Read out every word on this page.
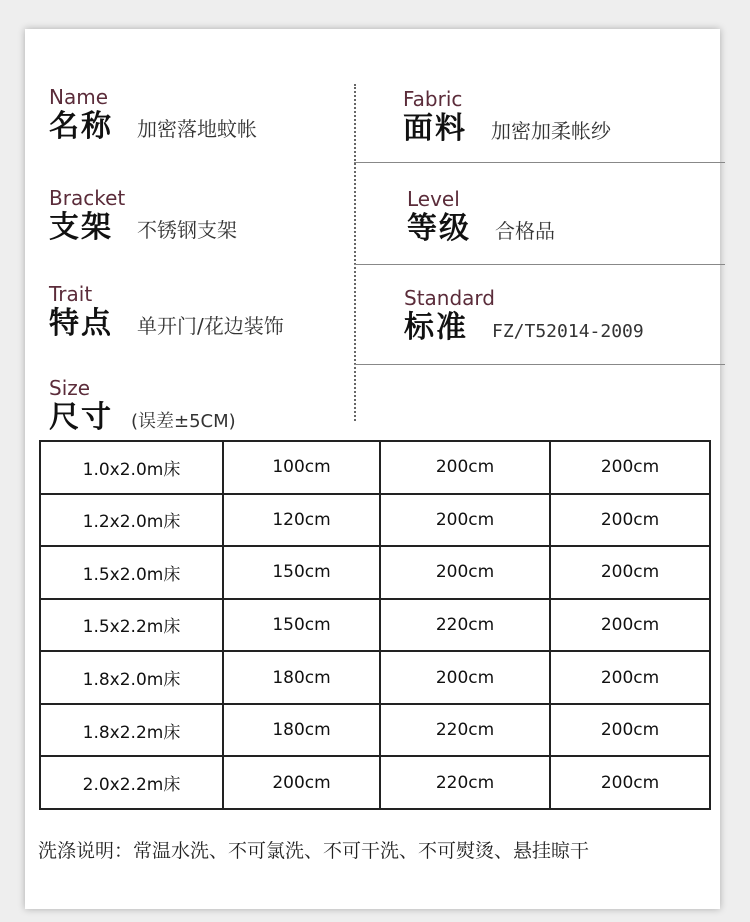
Name
名称 加密落地蚊帐
Fabric
面料 加密加柔帐纱
Bracket
支架 不锈钢支架
Level
等级 合格品
Trait
特点 单开门/花边装饰
Standard
标准 FZ/T52014-2009
Size
尺寸 (误差±5CM)
1.0x2.0m床	100cm	200cm	200cm
1.2x2.0m床	120cm	200cm	200cm
1.5x2.0m床	150cm	200cm	200cm
1.5x2.2m床	150cm	220cm	200cm
1.8x2.0m床	180cm	200cm	200cm
1.8x2.2m床	180cm	220cm	200cm
2.0x2.2m床	200cm	220cm	200cm
洗涤说明：常温水洗、不可氯洗、不可干洗、不可熨烫、悬挂晾干
